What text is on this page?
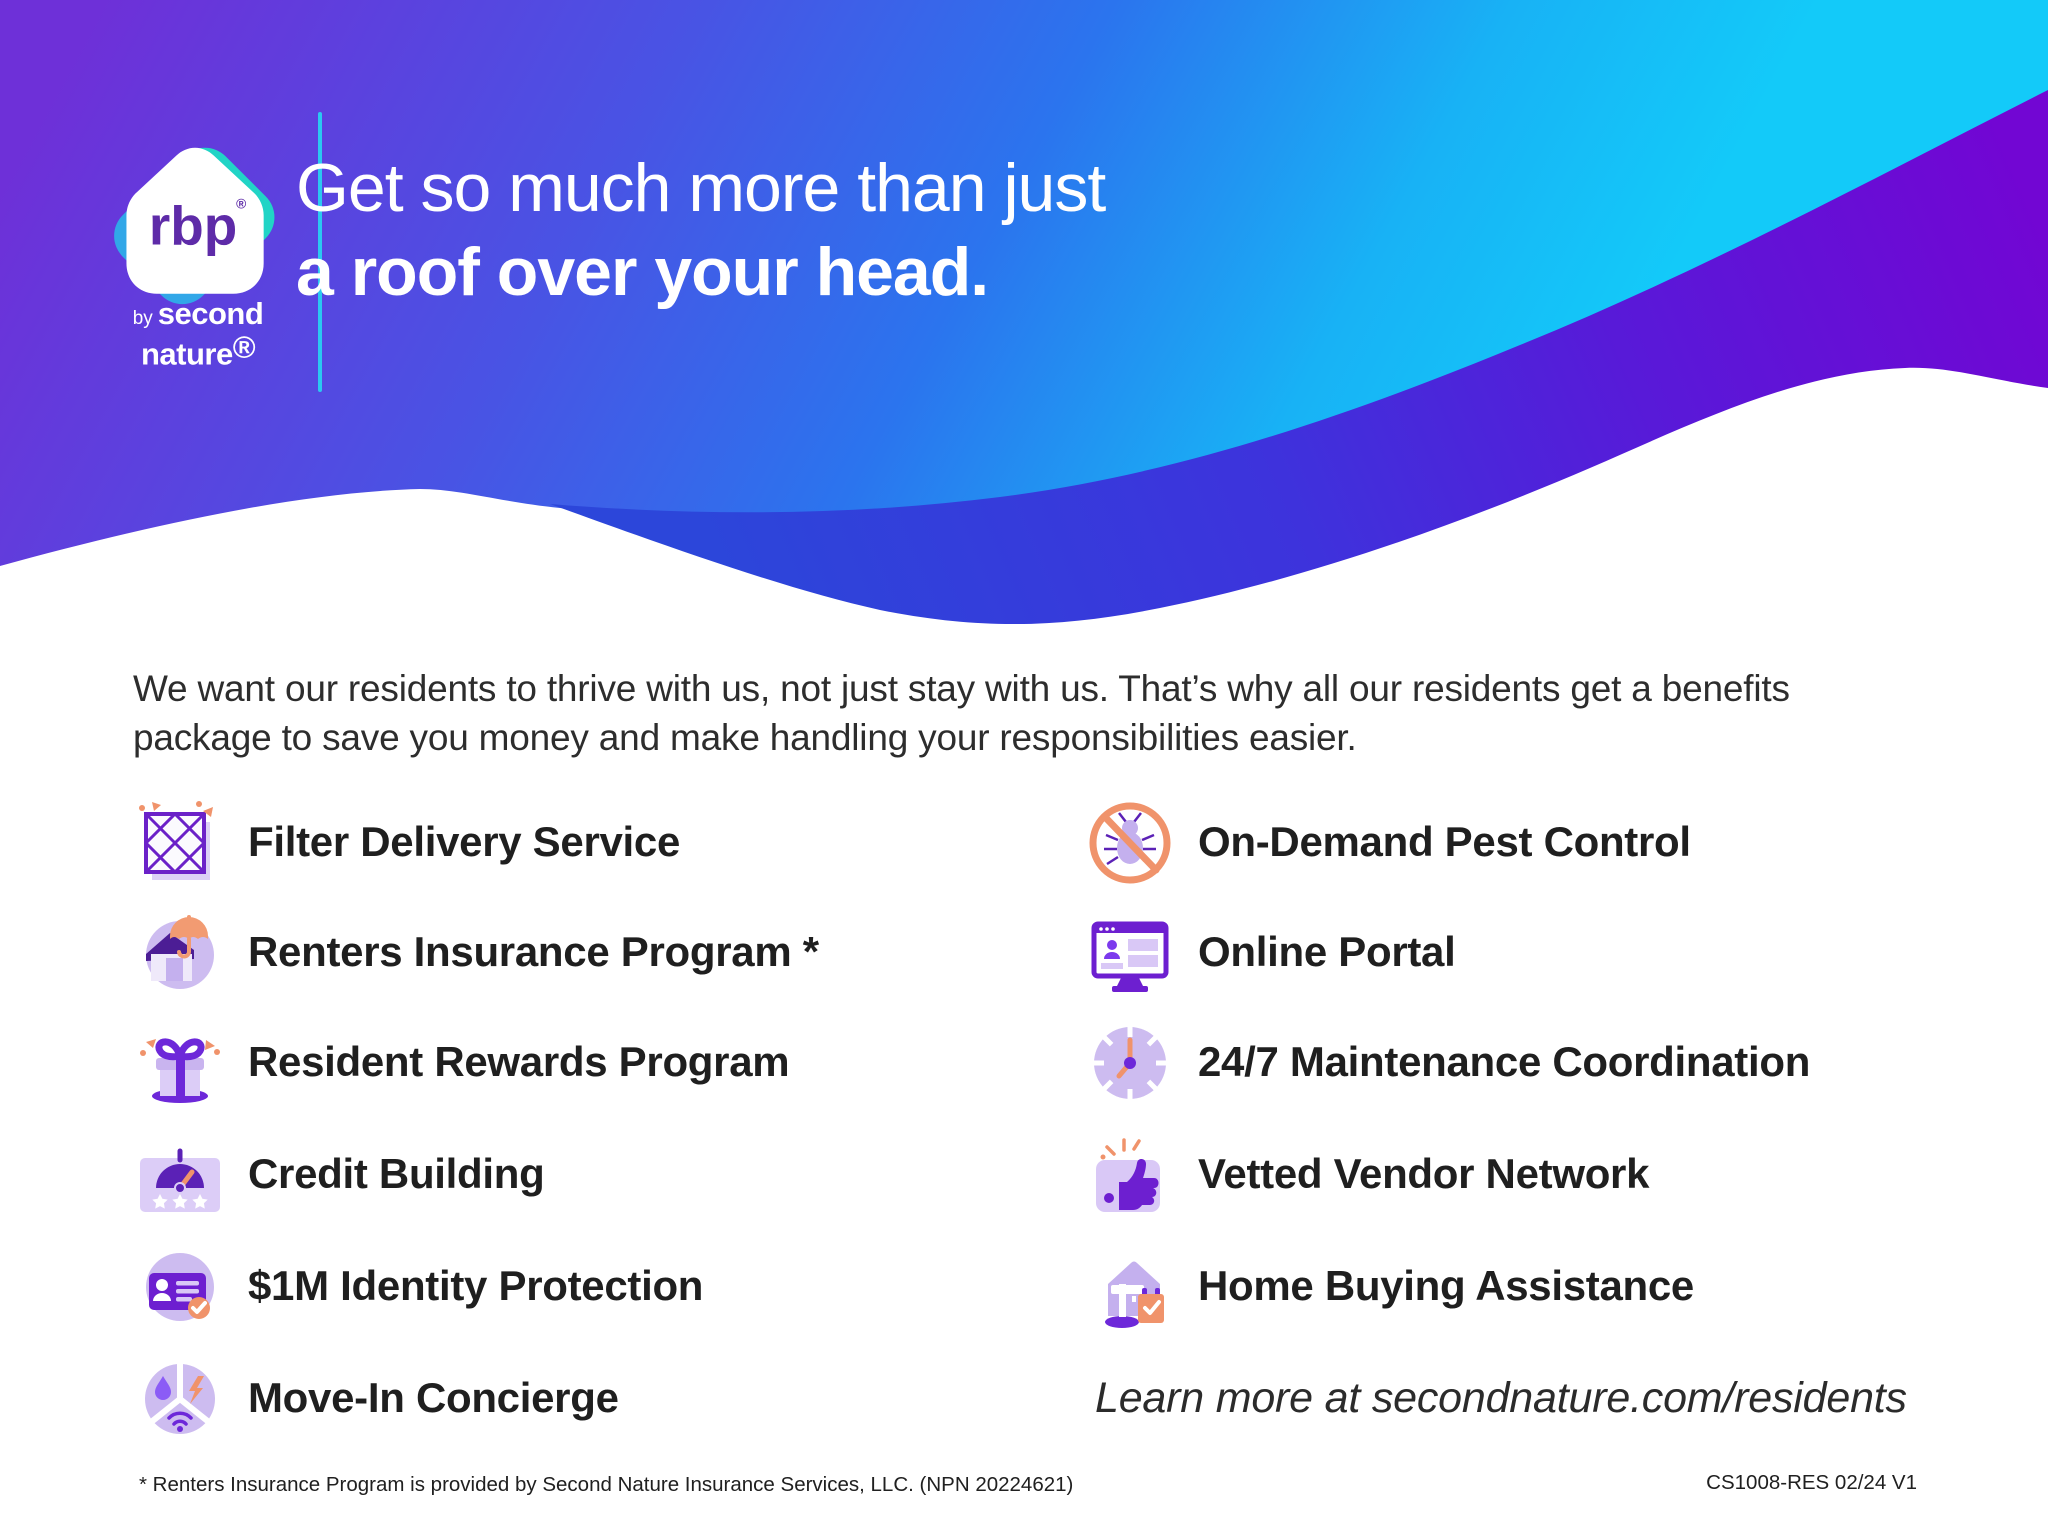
rbp
®
by second
nature®
Get so much more than just
a roof over your head.
We want our residents to thrive with us, not just stay with us. That’s why all our residents get a benefits package to save you money and make handling your responsibilities easier.
Filter Delivery Service
Renters Insurance Program *
Resident Rewards Program
Credit Building
$1M Identity Protection
Move-In Concierge
On-Demand Pest Control
Online Portal
24/7 Maintenance Coordination
Vetted Vendor Network
Home Buying Assistance
Learn more at secondnature.com/residents
* Renters Insurance Program is provided by Second Nature Insurance Services, LLC. (NPN 20224621)	CS1008-RES 02/24 V1
